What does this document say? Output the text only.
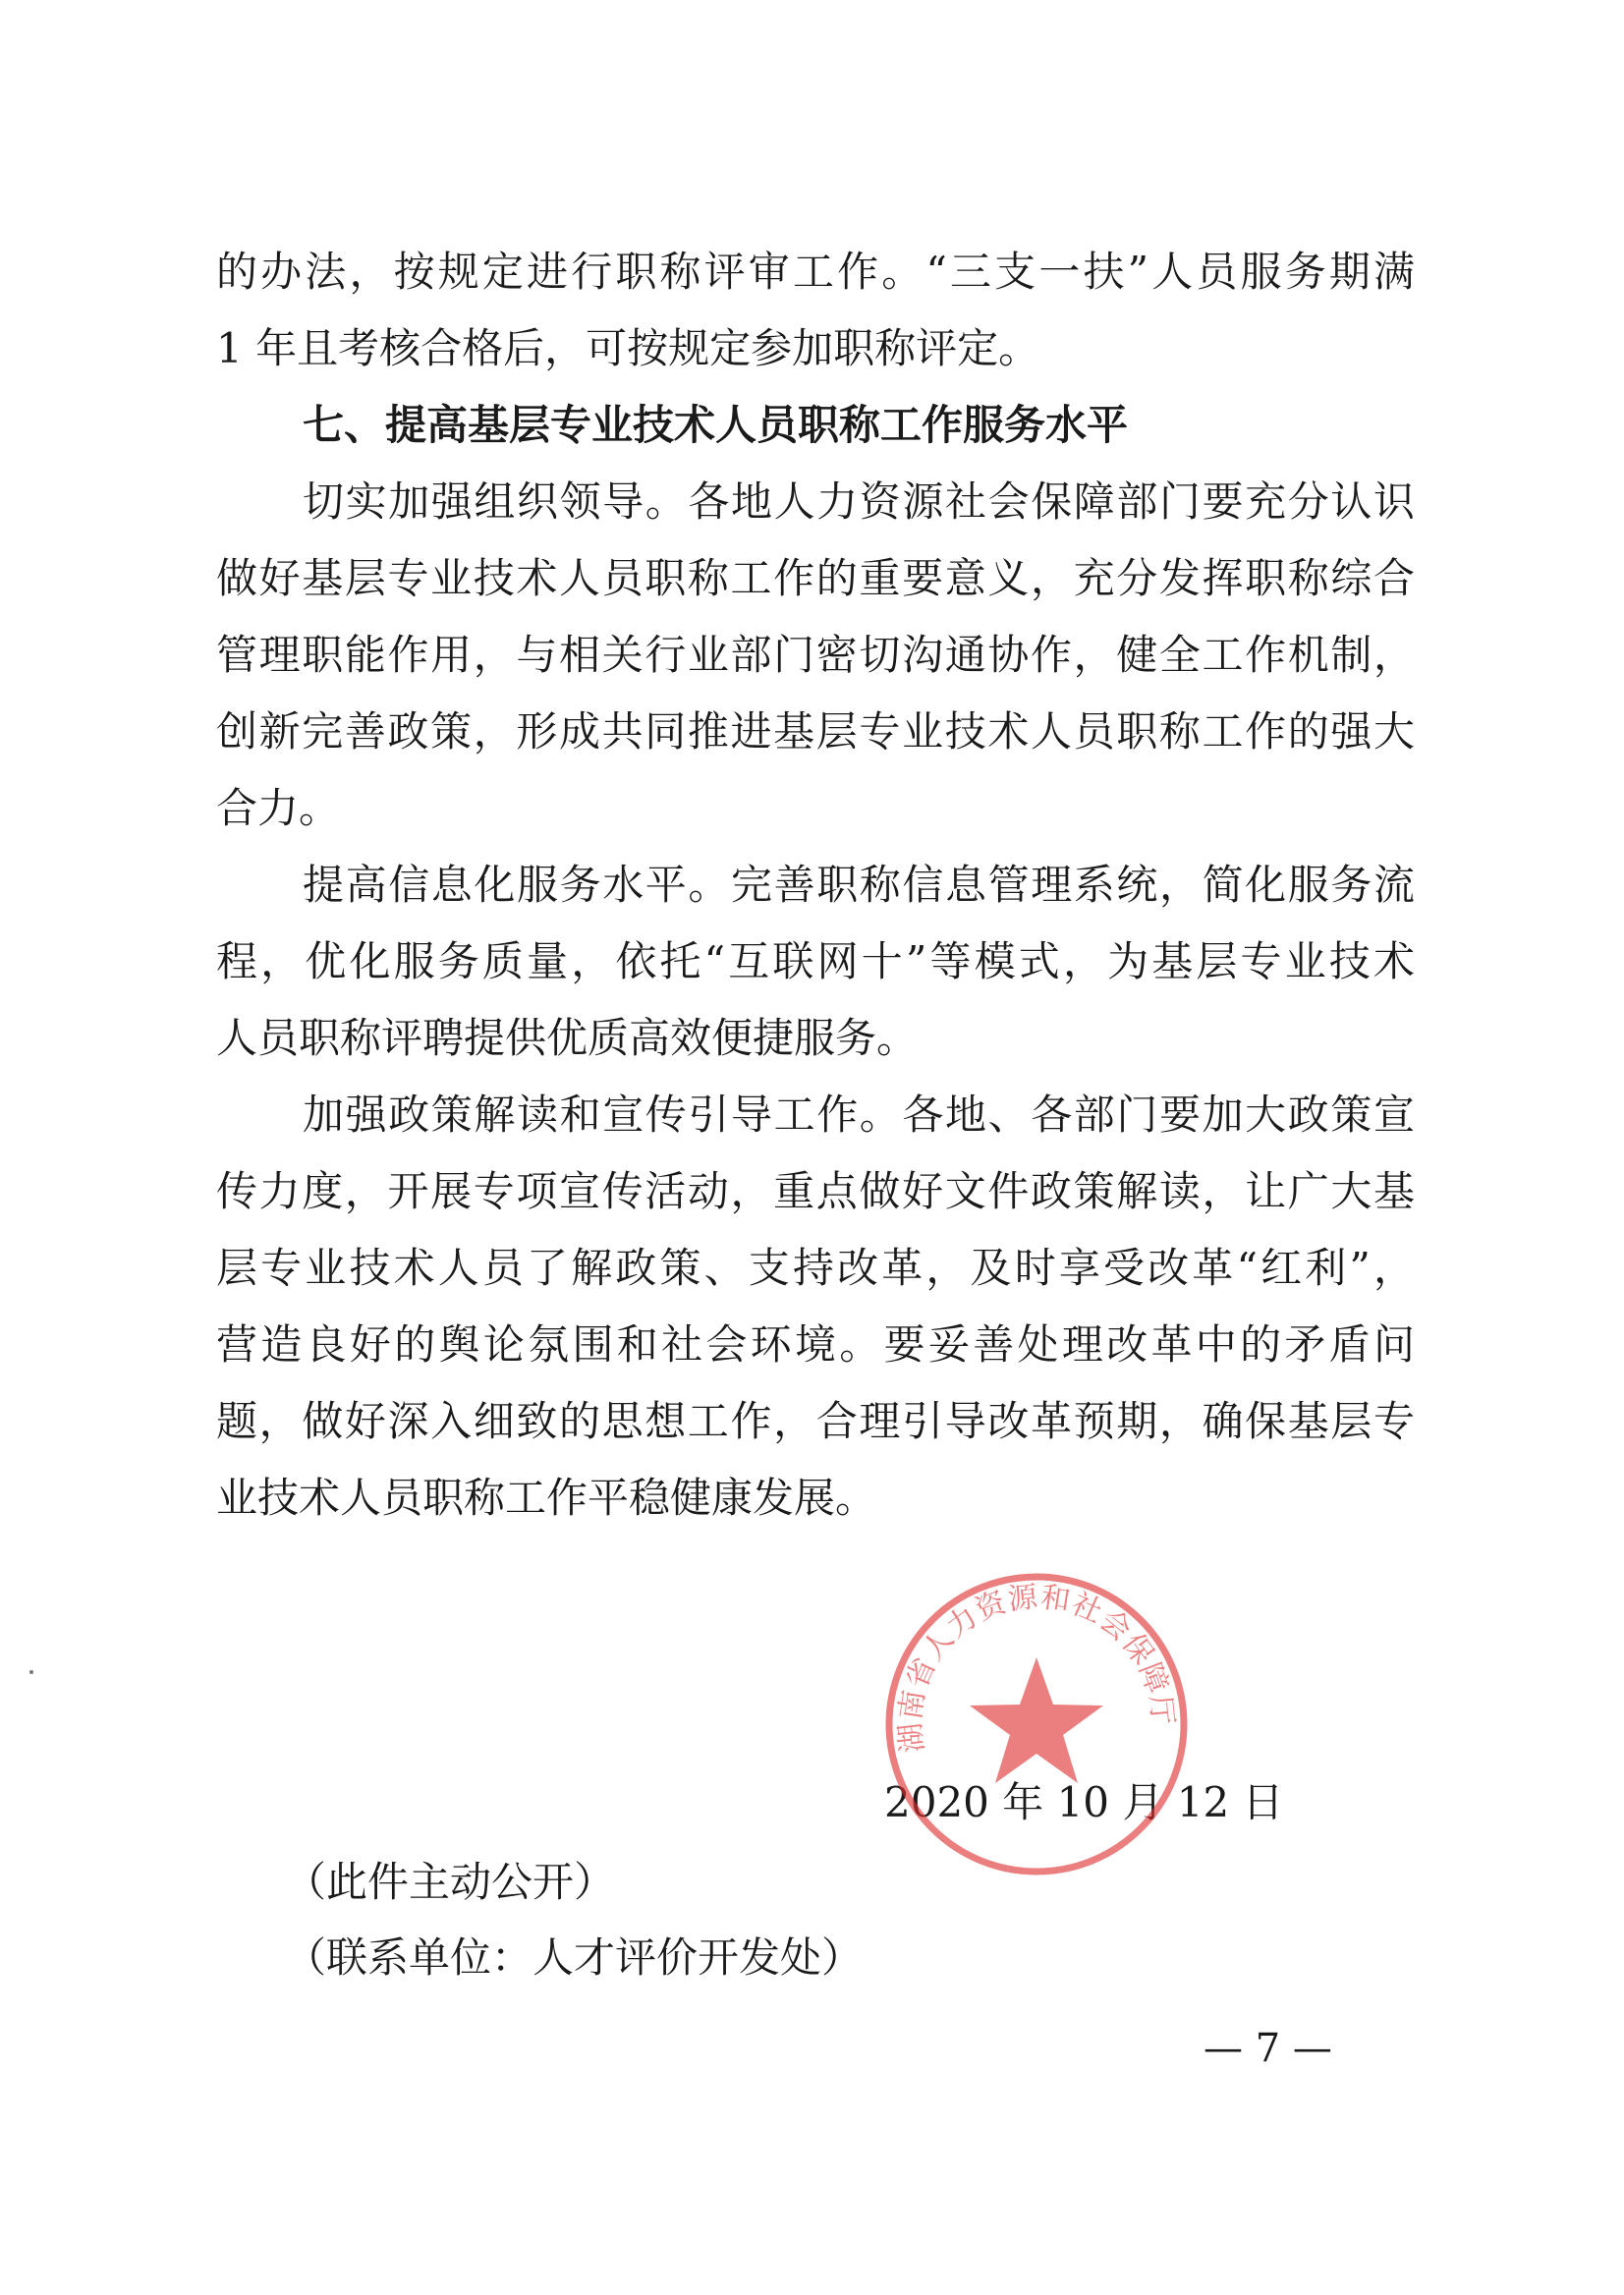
的办法，按规定进行职称评审工作。“三支一扶”人员服务期满
1 年且考核合格后，可按规定参加职称评定。
七、提高基层专业技术人员职称工作服务水平
切实加强组织领导。各地人力资源社会保障部门要充分认识
做好基层专业技术人员职称工作的重要意义，充分发挥职称综合
管理职能作用，与相关行业部门密切沟通协作，健全工作机制，
创新完善政策，形成共同推进基层专业技术人员职称工作的强大
合力。
提高信息化服务水平。完善职称信息管理系统，简化服务流
程，优化服务质量，依托“互联网十”等模式，为基层专业技术
人员职称评聘提供优质高效便捷服务。
加强政策解读和宣传引导工作。各地、各部门要加大政策宣
传力度，开展专项宣传活动，重点做好文件政策解读，让广大基
层专业技术人员了解政策、支持改革，及时享受改革“红利”，
营造良好的舆论氛围和社会环境。要妥善处理改革中的矛盾问
题，做好深入细致的思想工作，合理引导改革预期，确保基层专
业技术人员职称工作平稳健康发展。
湖南省人力资源和社会保障厅
2020 年 10 月 12 日
（此件主动公开）
（联系单位：人才评价开发处）
— 7 —
